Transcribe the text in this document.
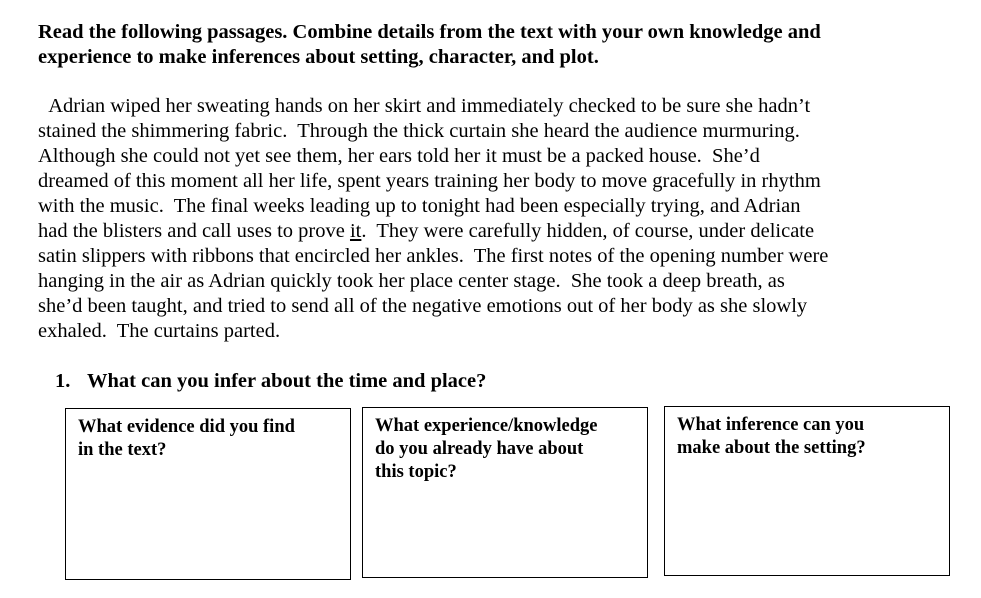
Read the following passages. Combine details from the text with your own knowledge and
experience to make inferences about setting, character, and plot.
Adrian wiped her sweating hands on her skirt and immediately checked to be sure she hadn’t
stained the shimmering fabric.  Through the thick curtain she heard the audience murmuring.
Although she could not yet see them, her ears told her it must be a packed house.  She’d
dreamed of this moment all her life, spent years training her body to move gracefully in rhythm
with the music.  The final weeks leading up to tonight had been especially trying, and Adrian
had the blisters and call uses to prove it.  They were carefully hidden, of course, under delicate
satin slippers with ribbons that encircled her ankles.  The first notes of the opening number were
hanging in the air as Adrian quickly took her place center stage.  She took a deep breath, as
she’d been taught, and tried to send all of the negative emotions out of her body as she slowly
exhaled.  The curtains parted.
1. What can you infer about the time and place?
What evidence did you find
in the text?
What experience/knowledge
do you already have about
this topic?
What inference can you
make about the setting?
